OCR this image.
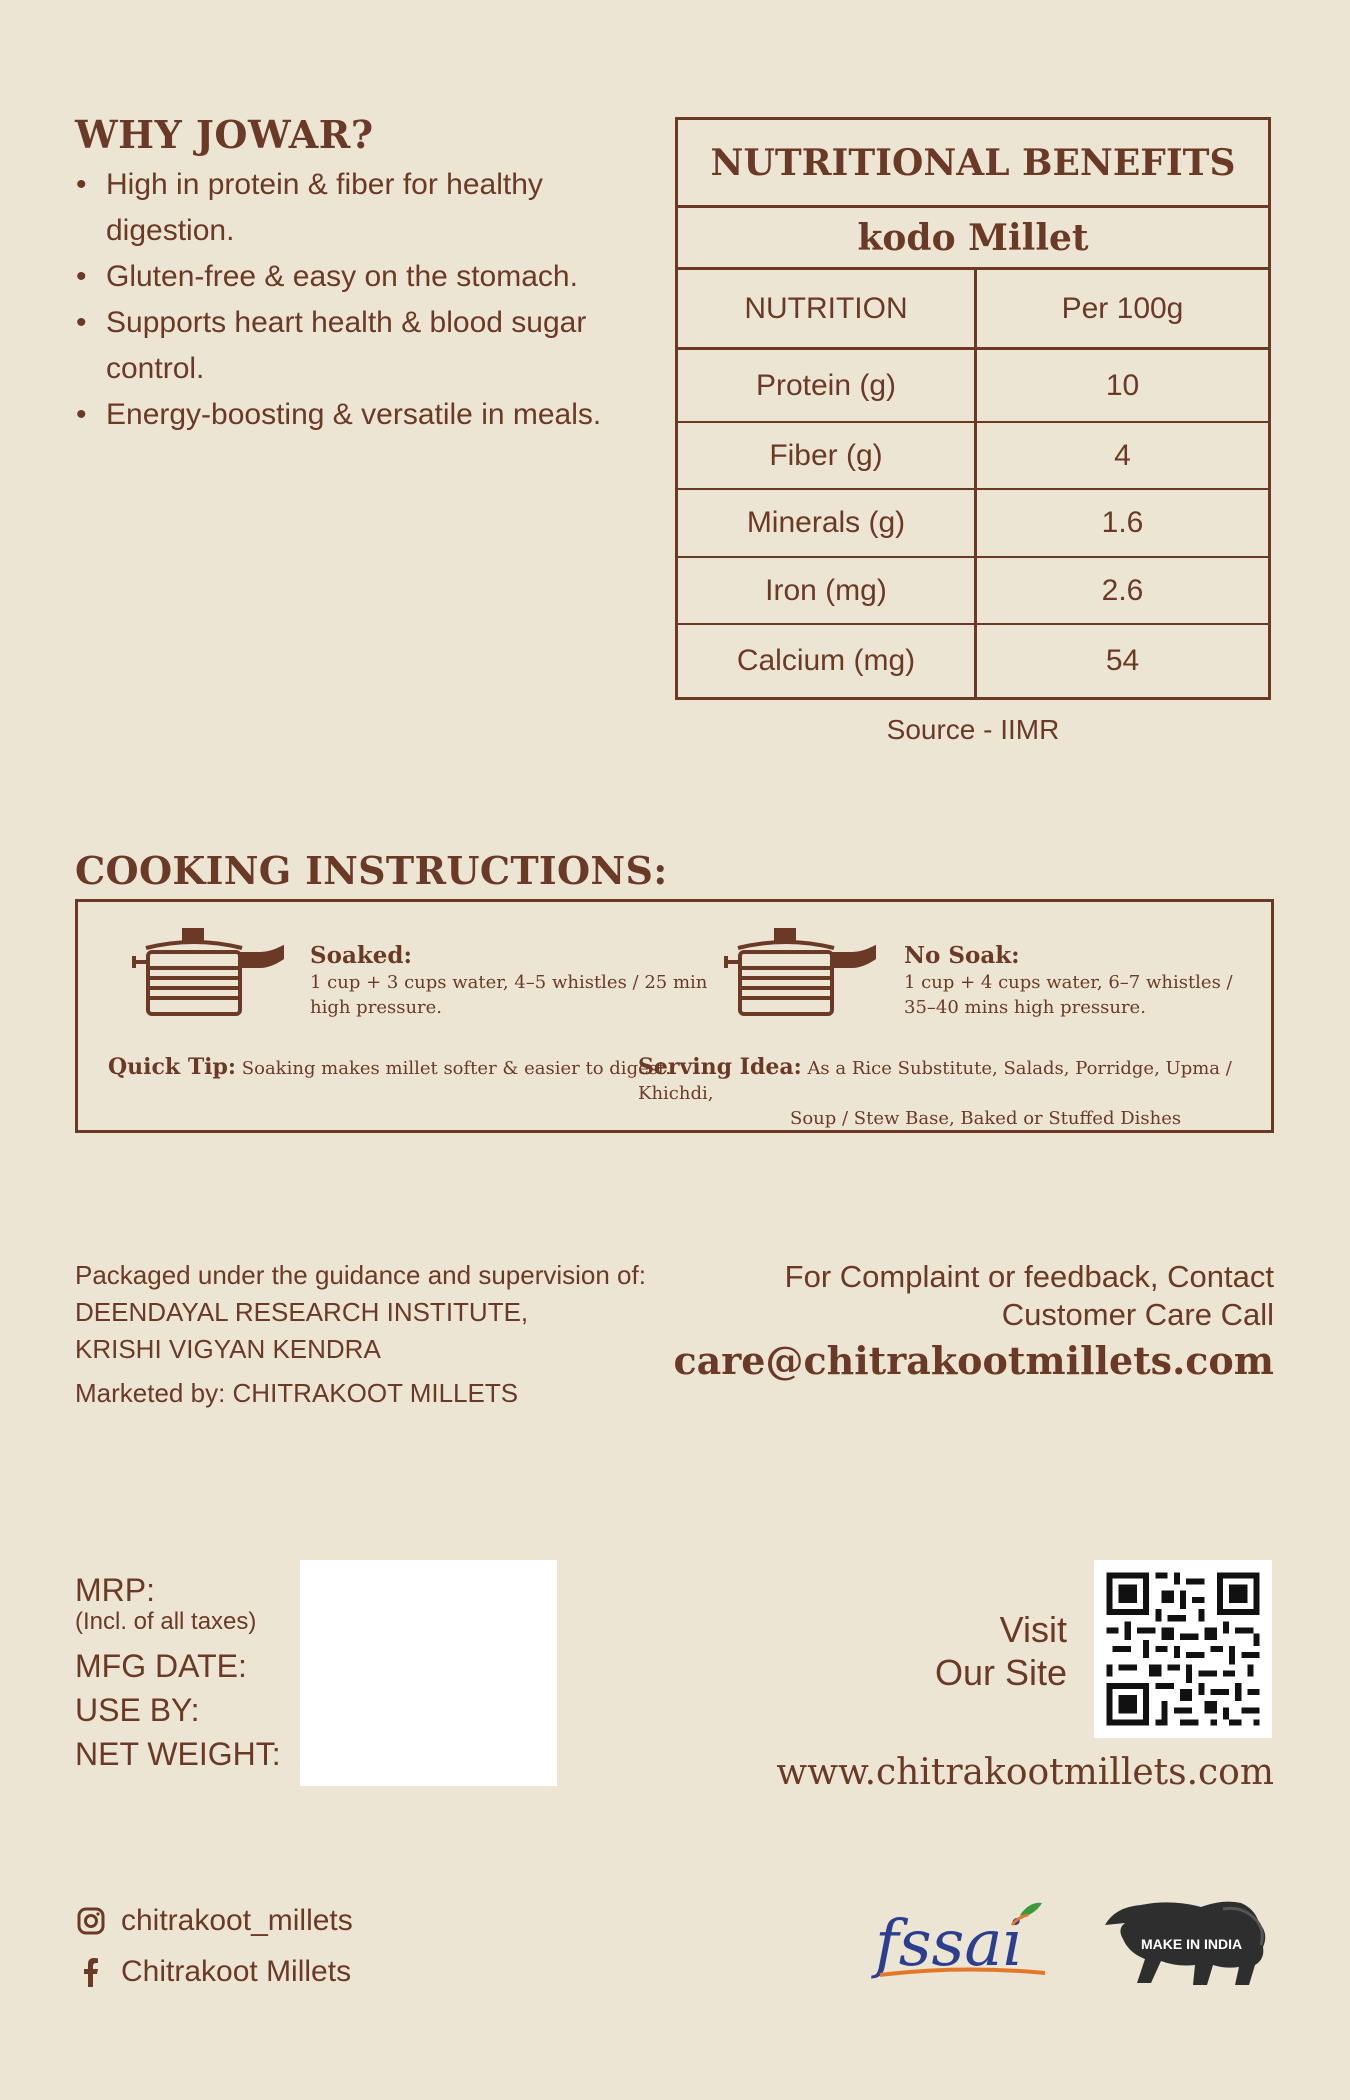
WHY JOWAR?
• High in protein & fiber for healthy digestion.
• Gluten-free & easy on the stomach.
• Supports heart health & blood sugar control.
• Energy-boosting & versatile in meals.
NUTRITIONAL BENEFITS
kodo Millet
NUTRITION	Per 100g
Protein (g)	10
Fiber (g)	4
Minerals (g)	1.6
Iron (mg)	2.6
Calcium (mg)	54
Source - IIMR
COOKING INSTRUCTIONS:
Soaked:
1 cup + 3 cups water, 4–5 whistles / 25 min
high pressure.
No Soak:
1 cup + 4 cups water, 6–7 whistles /
35–40 mins high pressure.
Quick Tip: Soaking makes millet softer & easier to digest.
Serving Idea: As a Rice Substitute, Salads, Porridge, Upma / Khichdi,
Soup / Stew Base, Baked or Stuffed Dishes
Packaged under the guidance and supervision of:
DEENDAYAL RESEARCH INSTITUTE,
KRISHI VIGYAN KENDRA
Marketed by: CHITRAKOOT MILLETS
For Complaint or feedback, Contact
Customer Care Call
care@chitrakootmillets.com
MRP:
(Incl. of all taxes)
MFG DATE:
USE BY:
NET WEIGHT:
Visit
Our Site
www.chitrakootmillets.com
chitrakoot_millets
Chitrakoot Millets	fssai	MAKE IN INDIA
